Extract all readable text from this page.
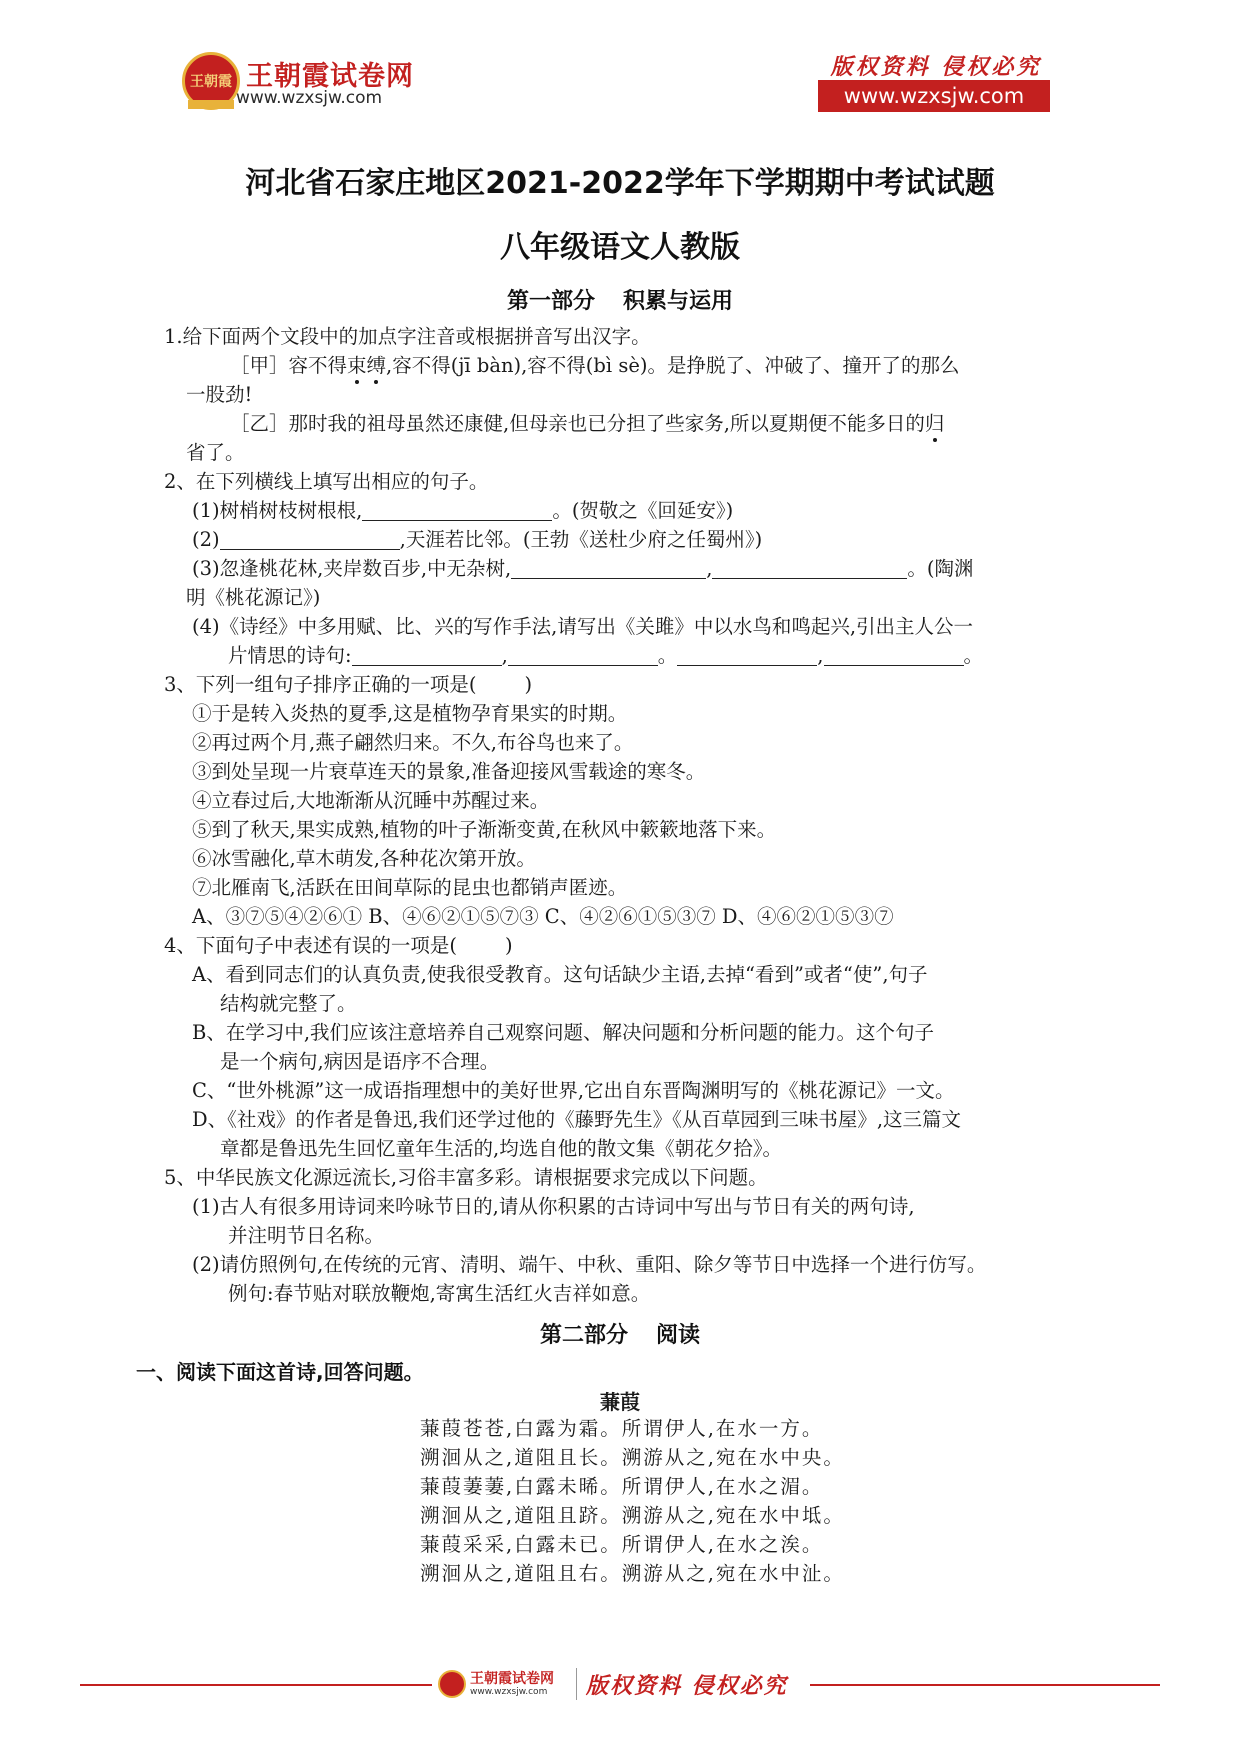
王朝霞 王朝霞试卷网
www.wzxsjw.com
版权资料 侵权必究
www.wzxsjw.com
河北省石家庄地区2021-2022学年下学期期中考试试题
八年级语文人教版
第一部分 积累与运用
1.给下面两个文段中的加点字注音或根据拼音写出汉字。
［甲］容不得束缚,容不得(jī bàn),容不得(bì sè)。是挣脱了、冲破了、撞开了的那么
一股劲!
［乙］那时我的祖母虽然还康健,但母亲也已分担了些家务,所以夏期便不能多日的归
省了。
2、在下列横线上填写出相应的句子。
(1)树梢树枝树根根,	。(贺敬之《回延安》)
(2)	,天涯若比邻。(王勃《送杜少府之任蜀州》)
(3)忽逢桃花林,夹岸数百步,中无杂树,	,	。(陶渊
明《桃花源记》)
(4)《诗经》中多用赋、比、兴的写作手法,请写出《关雎》中以水鸟和鸣起兴,引出主人公一
片情思的诗句:	,	。	,	。
3、下列一组句子排序正确的一项是( )
①于是转入炎热的夏季,这是植物孕育果实的时期。
②再过两个月,燕子翩然归来。不久,布谷鸟也来了。
③到处呈现一片衰草连天的景象,准备迎接风雪载途的寒冬。
④立春过后,大地渐渐从沉睡中苏醒过来。
⑤到了秋天,果实成熟,植物的叶子渐渐变黄,在秋风中簌簌地落下来。
⑥冰雪融化,草木萌发,各种花次第开放。
⑦北雁南飞,活跃在田间草际的昆虫也都销声匿迹。
A、③⑦⑤④②⑥① B、④⑥②①⑤⑦③ C、④②⑥①⑤③⑦ D、④⑥②①⑤③⑦
4、下面句子中表述有误的一项是( )
A、看到同志们的认真负责,使我很受教育。这句话缺少主语,去掉“看到”或者“使”,句子
结构就完整了。
B、在学习中,我们应该注意培养自己观察问题、解决问题和分析问题的能力。这个句子
是一个病句,病因是语序不合理。
C、“世外桃源”这一成语指理想中的美好世界,它出自东晋陶渊明写的《桃花源记》一文。
D、《社戏》的作者是鲁迅,我们还学过他的《藤野先生》《从百草园到三味书屋》,这三篇文
章都是鲁迅先生回忆童年生活的,均选自他的散文集《朝花夕拾》。
5、中华民族文化源远流长,习俗丰富多彩。请根据要求完成以下问题。
(1)古人有很多用诗词来吟咏节日的,请从你积累的古诗词中写出与节日有关的两句诗,
并注明节日名称。
(2)请仿照例句,在传统的元宵、清明、端午、中秋、重阳、除夕等节日中选择一个进行仿写。
例句:春节贴对联放鞭炮,寄寓生活红火吉祥如意。
第二部分 阅读
一、阅读下面这首诗,回答问题。
蒹葭
蒹葭苍苍,白露为霜。所谓伊人,在水一方。
溯洄从之,道阻且长。溯游从之,宛在水中央。
蒹葭萋萋,白露未晞。所谓伊人,在水之湄。
溯洄从之,道阻且跻。溯游从之,宛在水中坻。
蒹葭采采,白露未已。所谓伊人,在水之涘。
溯洄从之,道阻且右。溯游从之,宛在水中沚。
王朝霞试卷网
www.wzxsjw.com 版权资料 侵权必究
